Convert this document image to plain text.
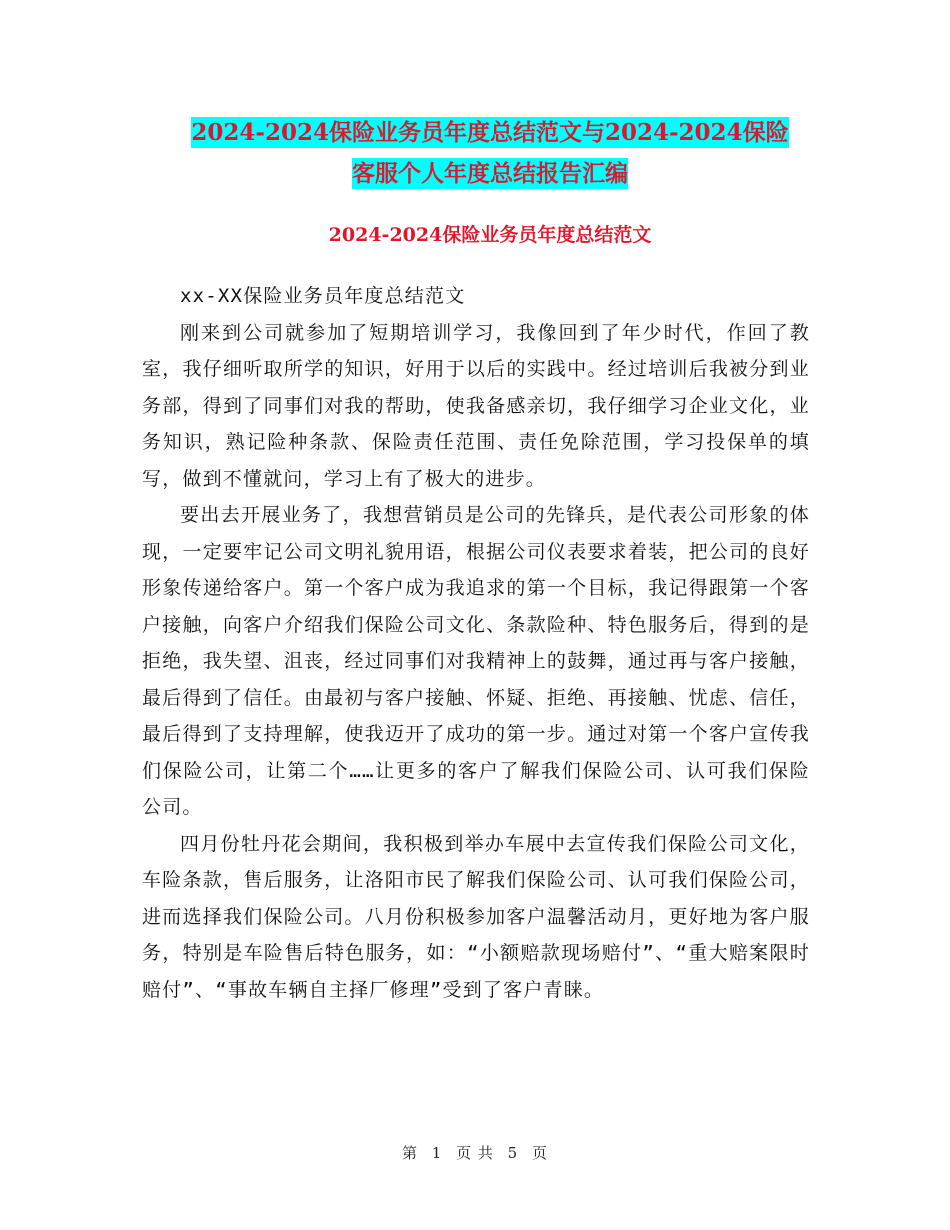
2024-2024保险业务员年度总结范文与2024-2024保险
客服个人年度总结报告汇编
2024-2024保险业务员年度总结范文

xx-XX保险业务员年度总结范文

刚来到公司就参加了短期培训学习，我像回到了年少时代，作回了教室，我仔细听取所学的知识，好用于以后的实践中。经过培训后我被分到业务部，得到了同事们对我的帮助，使我备感亲切，我仔细学习企业文化，业务知识，熟记险种条款、保险责任范围、责任免除范围，学习投保单的填写，做到不懂就问，学习上有了极大的进步。

要出去开展业务了，我想营销员是公司的先锋兵，是代表公司形象的体现，一定要牢记公司文明礼貌用语，根据公司仪表要求着装，把公司的良好形象传递给客户。第一个客户成为我追求的第一个目标，我记得跟第一个客户接触，向客户介绍我们保险公司文化、条款险种、特色服务后，得到的是拒绝，我失望、沮丧，经过同事们对我精神上的鼓舞，通过再与客户接触，最后得到了信任。由最初与客户接触、怀疑、拒绝、再接触、忧虑、信任，最后得到了支持理解，使我迈开了成功的第一步。通过对第一个客户宣传我们保险公司，让第二个……让更多的客户了解我们保险公司、认可我们保险公司。

四月份牡丹花会期间，我积极到举办车展中去宣传我们保险公司文化，车险条款，售后服务，让洛阳市民了解我们保险公司、认可我们保险公司，进而选择我们保险公司。八月份积极参加客户温馨活动月，更好地为客户服务，特别是车险售后特色服务，如：“小额赔款现场赔付”、“重大赔案限时赔付”、“事故车辆自主择厂修理”受到了客户青睐。

第 1 页 共 5 页
